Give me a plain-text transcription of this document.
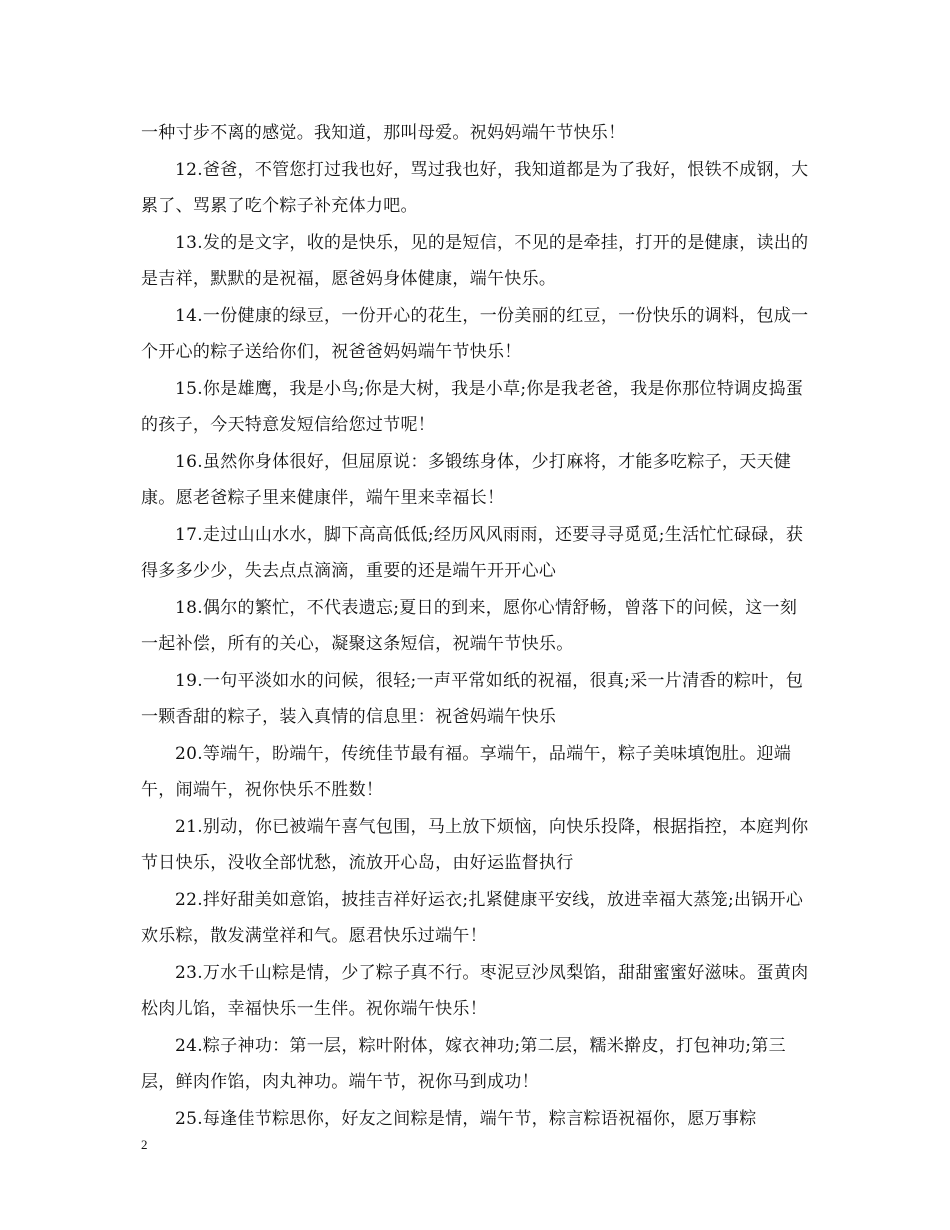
一种寸步不离的感觉。我知道，那叫母爱。祝妈妈端午节快乐！

12.爸爸，不管您打过我也好，骂过我也好，我知道都是为了我好，恨铁不成钢，大累了、骂累了吃个粽子补充体力吧。

13.发的是文字，收的是快乐，见的是短信，不见的是牵挂，打开的是健康，读出的是吉祥，默默的是祝福，愿爸妈身体健康，端午快乐。

14.一份健康的绿豆，一份开心的花生，一份美丽的红豆，一份快乐的调料，包成一个开心的粽子送给你们，祝爸爸妈妈端午节快乐！

15.你是雄鹰，我是小鸟;你是大树，我是小草;你是我老爸，我是你那位特调皮捣蛋的孩子，今天特意发短信给您过节呢！

16.虽然你身体很好，但屈原说：多锻练身体，少打麻将，才能多吃粽子，天天健康。愿老爸粽子里来健康伴，端午里来幸福长！

17.走过山山水水，脚下高高低低;经历风风雨雨，还要寻寻觅觅;生活忙忙碌碌，获得多多少少，失去点点滴滴，重要的还是端午开开心心

18.偶尔的繁忙，不代表遗忘;夏日的到来，愿你心情舒畅，曾落下的问候，这一刻一起补偿，所有的关心，凝聚这条短信，祝端午节快乐。

19.一句平淡如水的问候，很轻;一声平常如纸的祝福，很真;采一片清香的粽叶，包一颗香甜的粽子，装入真情的信息里：祝爸妈端午快乐

20.等端午，盼端午，传统佳节最有福。享端午，品端午，粽子美味填饱肚。迎端午，闹端午，祝你快乐不胜数！

21.别动，你已被端午喜气包围，马上放下烦恼，向快乐投降，根据指控，本庭判你节日快乐，没收全部忧愁，流放开心岛，由好运监督执行

22.拌好甜美如意馅，披挂吉祥好运衣;扎紧健康平安线，放进幸福大蒸笼;出锅开心欢乐粽，散发满堂祥和气。愿君快乐过端午！

23.万水千山粽是情，少了粽子真不行。枣泥豆沙凤梨馅，甜甜蜜蜜好滋味。蛋黄肉松肉儿馅，幸福快乐一生伴。祝你端午快乐！

24.粽子神功：第一层，粽叶附体，嫁衣神功;第二层，糯米擀皮，打包神功;第三层，鲜肉作馅，肉丸神功。端午节，祝你马到成功！

25.每逢佳节粽思你，好友之间粽是情，端午节，粽言粽语祝福你，愿万事粽

2
